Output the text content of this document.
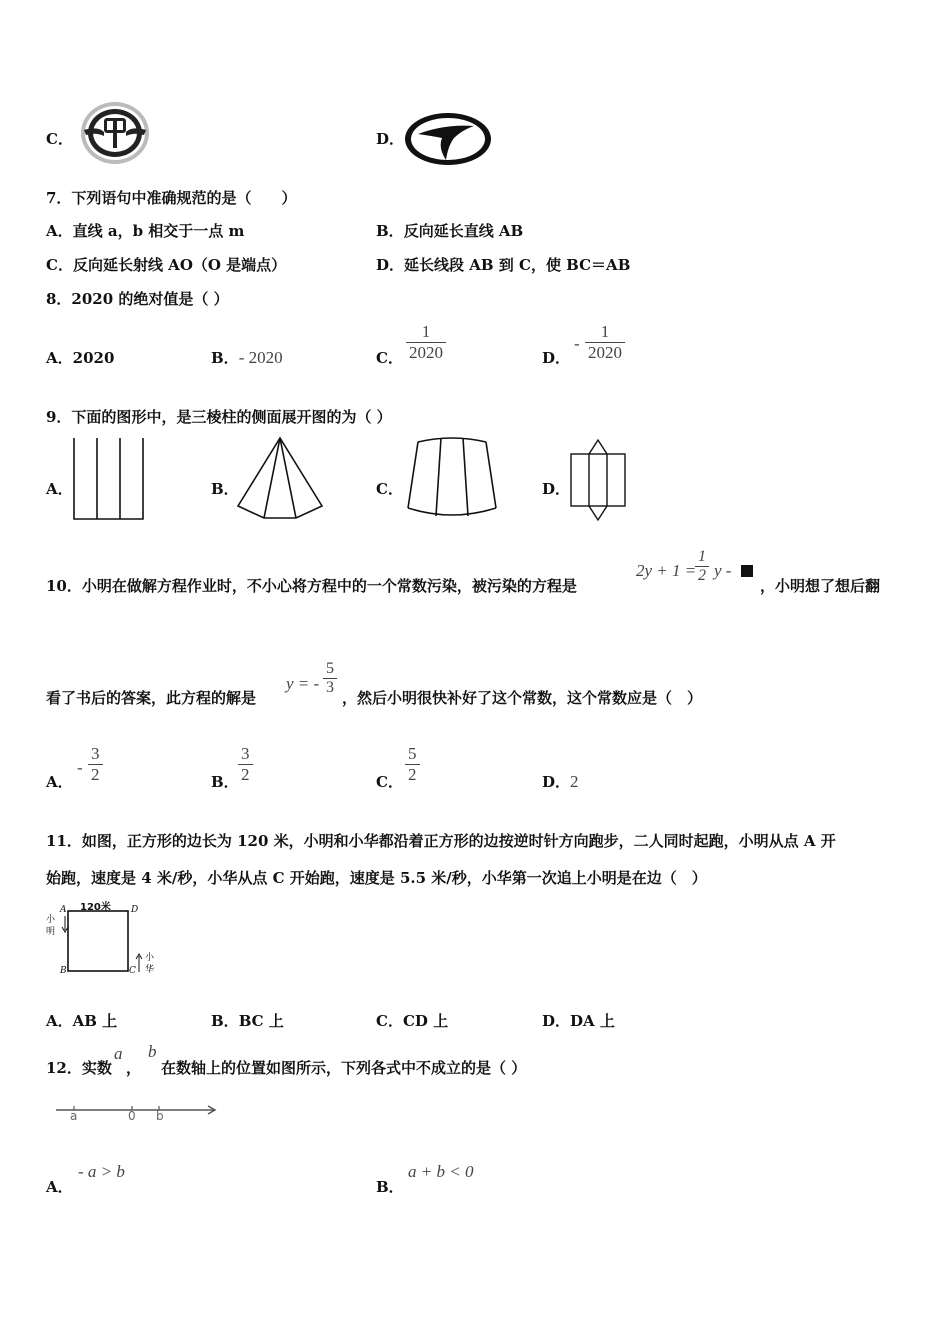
C．	D．
7．下列语句中准确规范的是（　　）
A．直线 a，b 相交于一点 m	B．反向延长直线 AB
C．反向延长射线 AO（O 是端点）	D．延长线段 AB 到 C，使 BC＝AB
8．2020 的绝对值是（ ）
A．2020	B．- 2020	C． $\frac{1}{2020}$	D．
- $\frac{1}{2020}$
9．下面的图形中，是三棱柱的侧面展开图的为（ ）
A．	B．	C．	D．
10．小明在做解方程作业时，不小心将方程中的一个常数污染，被污染的方程是
2y + 1 =
$\frac{1}{2}$ y -
，小明想了想后翻
看了书后的答案，此方程的解是
y = - $\frac{5}{3}$
，然后小明很快补好了这个常数，这个常数应是（　）
A．
- $\frac{3}{2}$	B． $\frac{3}{2}$	C． $\frac{5}{2}$	D．2
11．如图，正方形的边长为 120 米，小明和小华都沿着正方形的边按逆时针方向跑步，二人同时起跑，小明从点 A 开
始跑，速度是 4 米/秒，小华从点 C 开始跑，速度是 5.5 米/秒，小华第一次追上小明是在边（　）
120米
A	D
B	C
小
明
小
华
A．AB 上	B．BC 上	C．CD 上	D．DA 上
12．实数
a
，
b
在数轴上的位置如图所示，下列各式中不成立的是（ ）
a	0 b
A．
- a > b
B．
a + b < 0
